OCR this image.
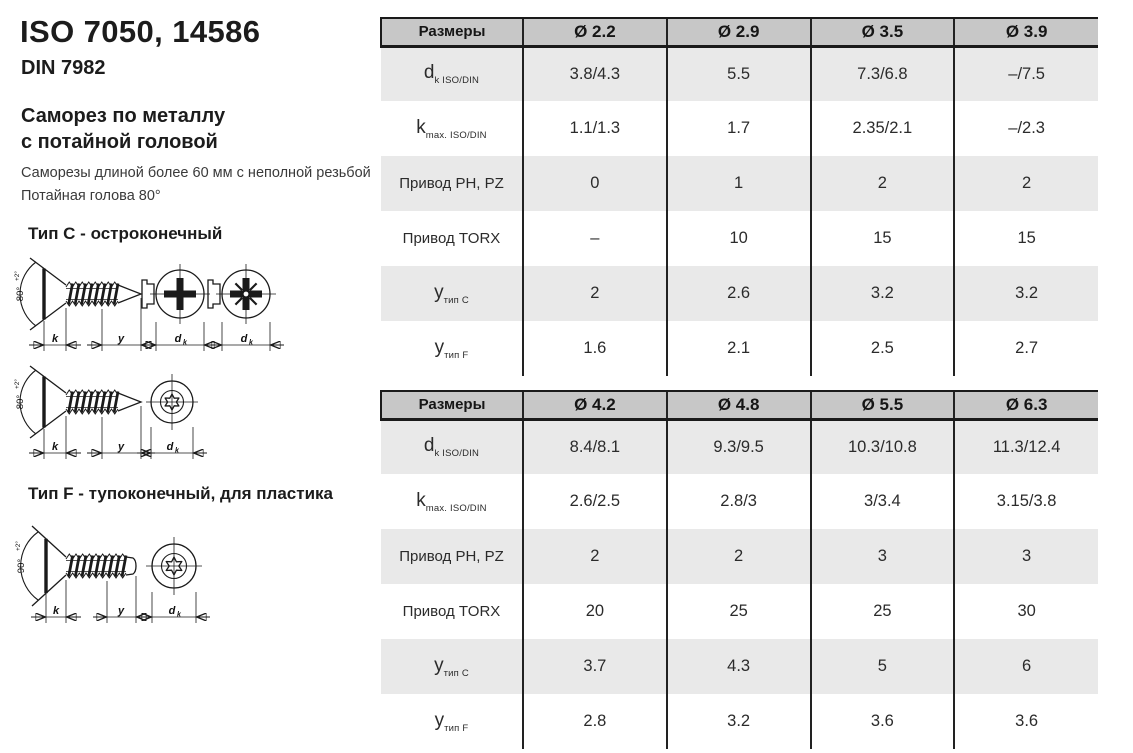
ISO 7050, 14586
DIN 7982
Саморез по металлу
с потайной головой
Саморезы длиной более 60 мм с неполной резьбой
Потайная голова 80°
Тип C - остроконечный
Тип F - тупоконечный, для пластика
k	y
80°
+2°
d k	d k
k	y
80°
+2°
d k
k	y
90°
+2°
d k
Размеры	Ø 2.2	Ø 2.9	Ø 3.5	Ø 3.9
$d_{k ISO/DIN}$	3.8/4.3	5.5	7.3/6.8	–/7.5
$k_{max. ISO/DIN}$	1.1/1.3	1.7	2.35/2.1	–/2.3
Привод PH, PZ	0	1	2	2
Привод TORX	–	10	15	15
$y_{тип C}$	2	2.6	3.2	3.2
$y_{тип F}$	1.6	2.1	2.5	2.7
Размеры	Ø 4.2	Ø 4.8	Ø 5.5	Ø 6.3
$d_{k ISO/DIN}$	8.4/8.1	9.3/9.5	10.3/10.8	11.3/12.4
$k_{max. ISO/DIN}$	2.6/2.5	2.8/3	3/3.4	3.15/3.8
Привод PH, PZ	2	2	3	3
Привод TORX	20	25	25	30
$y_{тип C}$	3.7	4.3	5	6
$y_{тип F}$	2.8	3.2	3.6	3.6
